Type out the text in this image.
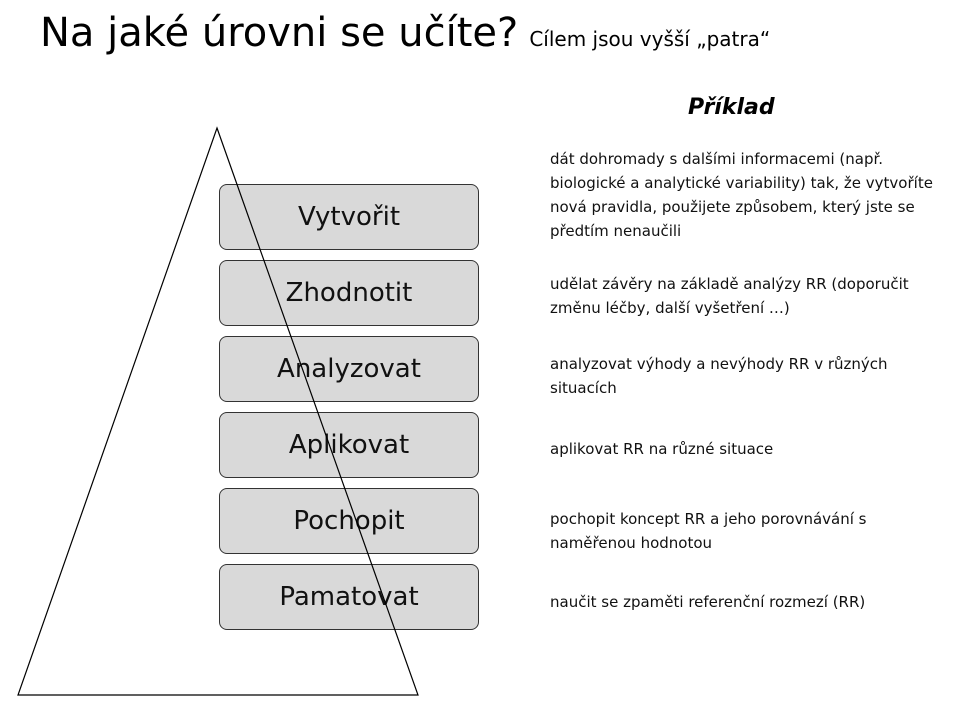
Na jaké úrovni se učíte? Cílem jsou vyšší „patra“
Příklad
Vytvořit
Zhodnotit
Analyzovat
Aplikovat
Pochopit
Pamatovat
dát dohromady s dalšími informacemi (např. biologické a analytické variability) tak, že vytvoříte nová pravidla, použijete způsobem, který jste se předtím nenaučili
udělat závěry na základě analýzy RR (doporučit změnu léčby, další vyšetření …)
analyzovat výhody a nevýhody RR v různých situacích
aplikovat RR na různé situace
pochopit koncept RR a jeho porovnávání s naměřenou hodnotou
naučit se zpaměti referenční rozmezí (RR)
